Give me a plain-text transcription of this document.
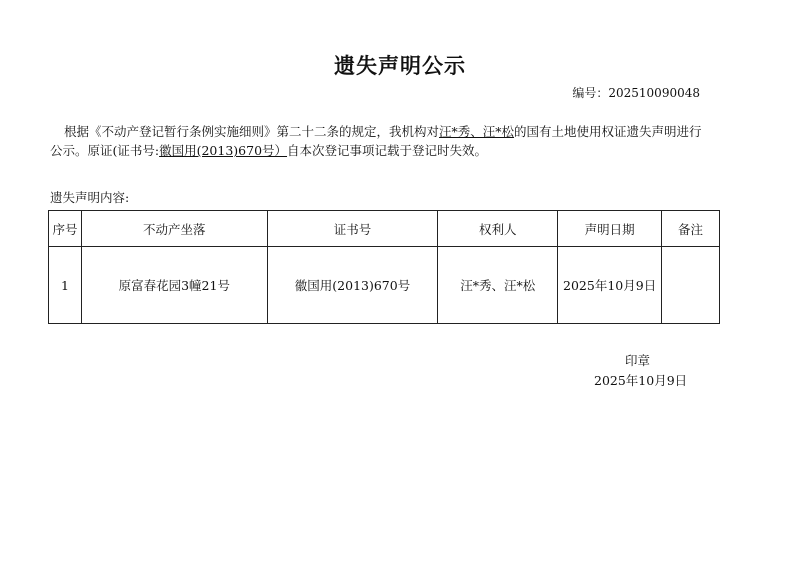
遗失声明公示
编号：202510090048
根据《不动产登记暂行条例实施细则》第二十二条的规定，我机构对汪*秀、汪*松的国有土地使用权证遗失声明进行公示。原证(证书号:徽国用(2013)670号）自本次登记事项记载于登记时失效。
遗失声明内容:
序号	不动产坐落	证书号	权利人	声明日期	备注
1	原富春花园3幢21号	徽国用(2013)670号	汪*秀、汪*松	2025年10月9日	
印章
2025年10月9日
